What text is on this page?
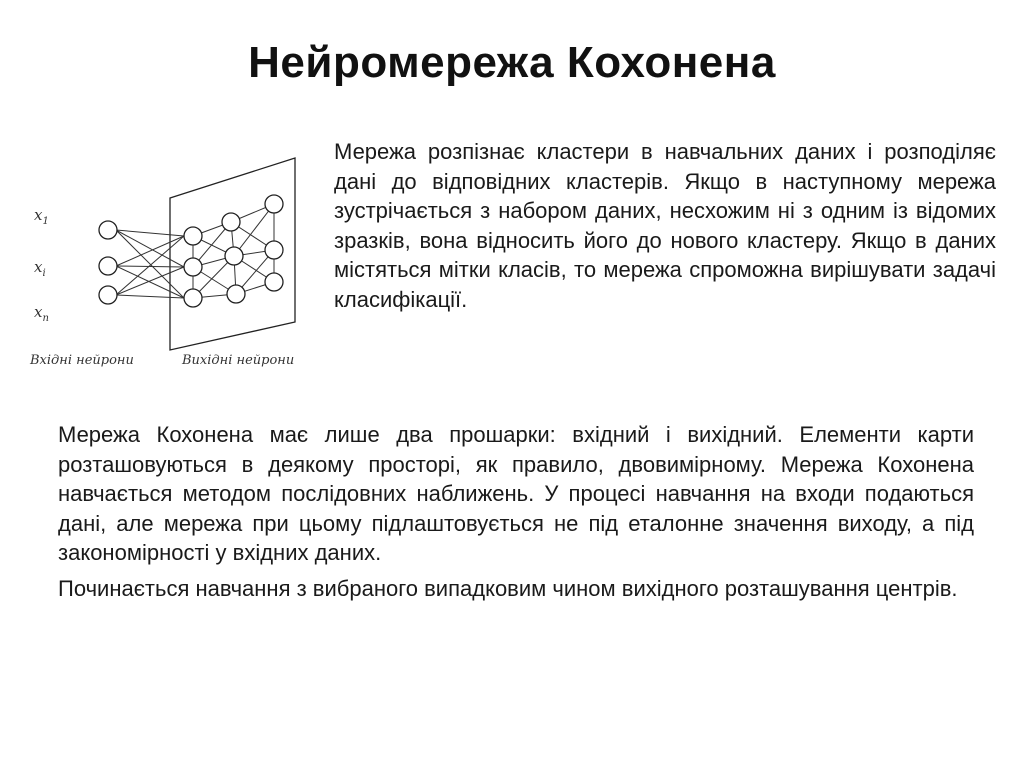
Нейромережа Кохонена
$x_1$
$x_i$
$x_n$
Вхідні нейрони	Вихідні нейрони

Мережа розпізнає кластери в навчальних даних і розподіляє дані до відповідних кластерів. Якщо в наступному мережа зустрічається з набором даних, несхожим ні з одним із відомих зразків, вона відносить його до нового кластеру. Якщо в даних містяться мітки класів, то мережа спроможна вирішувати задачі класифікації.

Мережа Кохонена має лише два прошарки: вхідний і вихідний. Елементи карти розташовуються в деякому просторі, як правило, двовимірному. Мережа Кохонена навчається методом послідовних наближень. У процесі навчання на входи подаються дані, але мережа при цьому підлаштовується не під еталонне значення виходу, а під закономірності у вхідних даних.

Починається навчання з вибраного випадковим чином вихідного розташування центрів.
